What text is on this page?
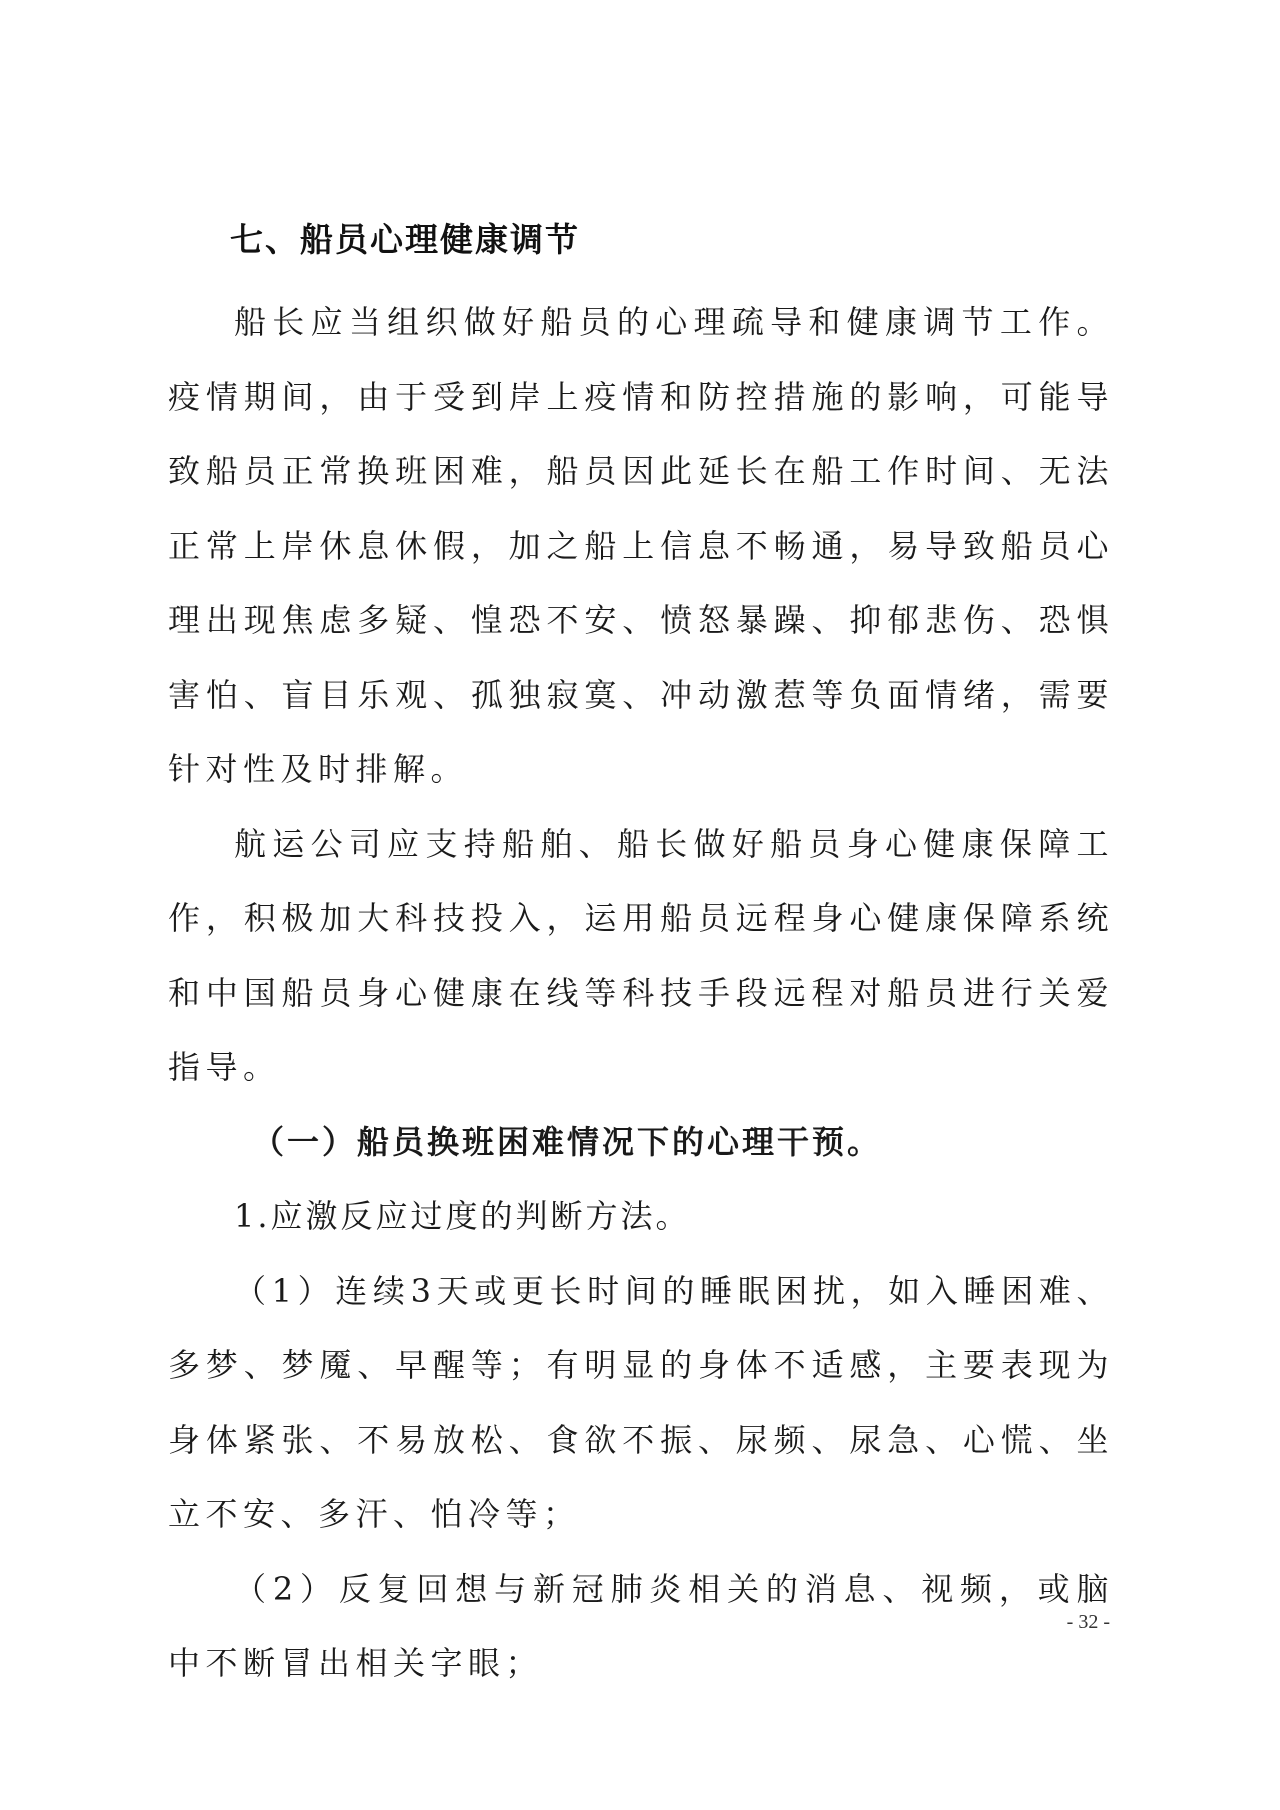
七、船员心理健康调节

船长应当组织做好船员的心理疏导和健康调节工作。疫情期间，由于受到岸上疫情和防控措施的影响，可能导致船员正常换班困难，船员因此延长在船工作时间、无法正常上岸休息休假，加之船上信息不畅通，易导致船员心理出现焦虑多疑、惶恐不安、愤怒暴躁、抑郁悲伤、恐惧害怕、盲目乐观、孤独寂寞、冲动激惹等负面情绪，需要针对性及时排解。

航运公司应支持船舶、船长做好船员身心健康保障工作，积极加大科技投入，运用船员远程身心健康保障系统和中国船员身心健康在线等科技手段远程对船员进行关爱指导。

（一）船员换班困难情况下的心理干预。

1.应激反应过度的判断方法。

（1）连续3天或更长时间的睡眠困扰，如入睡困难、多梦、梦魇、早醒等；有明显的身体不适感，主要表现为身体紧张、不易放松、食欲不振、尿频、尿急、心慌、坐立不安、多汗、怕冷等；

（2）反复回想与新冠肺炎相关的消息、视频，或脑中不断冒出相关字眼；

- 32 -
